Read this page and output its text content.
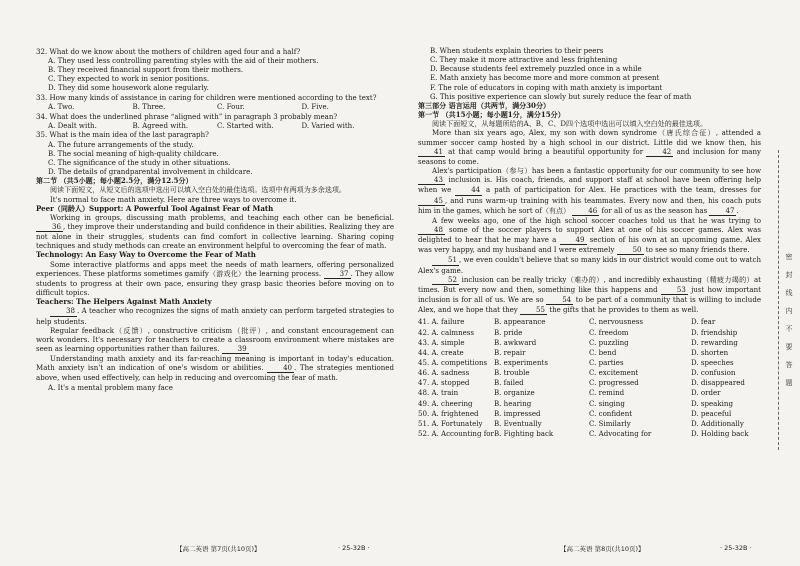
32. What do we know about the mothers of children aged four and a half?

A. They used less controlling parenting styles with the aid of their mothers.

B. They received financial support from their mothers.

C. They expected to work in senior positions.

D. They did some housework alone regularly.

33. How many kinds of assistance in caring for children were mentioned according to the text?

A. Two.	B. Three.	C. Four.	D. Five.

34. What does the underlined phrase “aligned with” in paragraph 3 probably mean?

A. Dealt with.	B. Agreed with.	C. Started with.	D. Varied with.

35. What is the main idea of the last paragraph?

A. The future arrangements of the study.

B. The social meaning of high-quality childcare.

C. The significance of the study in other situations.

D. The details of grandparental involvement in childcare.

第二节 （共5小题；每小题2.5分，满分12.5分）

阅读下面短文，从短文后的选项中选出可以填入空白处的最佳选项。选项中有两项为多余选项。

It's normal to face math anxiety. Here are three ways to overcome it.

Peer（同龄人）Support: A Powerful Tool Against Fear of Math

Working in groups, discussing math problems, and teaching each other can be beneficial. 36 , they improve their understanding and build confidence in their abilities. Realizing they are not alone in their struggles, students can find comfort in collective learning. Sharing coping techniques and study methods can create an environment helpful to overcoming the fear of math.

Technology: An Easy Way to Overcome the Fear of Math

Some interactive platforms and apps meet the needs of math learners, offering personalized experiences. These platforms sometimes gamify（游戏化）the learning process.	37 . They allow students to progress at their own pace, ensuring they grasp basic theories before moving on to difficult topics.

Teachers: The Helpers Against Math Anxiety

38 . A teacher who recognizes the signs of math anxiety can perform targeted strategies to help students.

Regular feedback（反馈）, constructive criticism（批评）, and constant encouragement can work wonders. It's necessary for teachers to create a classroom environment where mistakes are seen as learning opportunities rather than failures.	39

Understanding math anxiety and its far-reaching meaning is important in today's education. Math anxiety isn't an indication of one's wisdom or abilities.	40 . The strategies mentioned above, when used effectively, can help in reducing and overcoming the fear of math.

A. It's a mental problem many face

B. When students explain theories to their peers

C. They make it more attractive and less frightening

D. Because students feel extremely puzzled once in a while

E. Math anxiety has become more and more common at present

F. The role of educators in coping with math anxiety is important

G. This positive experience can slowly but surely reduce the fear of math

第三部分 语言运用（共两节，满分30分）

第一节 （共15小题；每小题1分，满分15分）

阅读下面短文，从每题所给的A、B、C、D四个选项中选出可以填入空白处的最佳选项。

More than six years ago, Alex, my son with down syndrome（唐氏综合征）, attended a summer soccer camp hosted by a high school in our district. Little did we know then, his 41 at that camp would bring a beautiful opportunity for	42 and inclusion for many seasons to come.

Alex's participation（参与）has been a fantastic opportunity for our community to see how 43 inclusion is. His coach, friends, and support staff at school have been offering help when we	44 a path of participation for Alex. He practices with the team, dresses for 45 , and runs warm-up training with his teammates. Every now and then, his coach puts him in the games, which he sort of（有点）	46 for all of us as the season has	47 .

A few weeks ago, one of the high school soccer coaches told us that he was trying to 48 some of the soccer players to support Alex at one of his soccer games. Alex was delighted to hear that he may have a	49 section of his own at an upcoming game. Alex was very happy, and my husband and I were extremely	50 to see so many friends there.

51 , we even couldn't believe that so many kids in our district would come out to watch Alex's game.

52 inclusion can be really tricky（难办的）, and incredibly exhausting（精疲力竭的）at times. But every now and then, something like this happens and	53 just how important inclusion is for all of us. We are so	54 to be part of a community that is willing to include Alex, and we hope that they	55 the gifts that he provides to them as well.

41. A. failure	B. appearance	C. nervousness	D. fear
42. A. calmness	B. pride	C. freedom	D. friendship
43. A. simple	B. awkward	C. puzzling	D. rewarding
44. A. create	B. repair	C. bend	D. shorten
45. A. competitions B. experiments	C. parties	D. speeches
46. A. sadness	B. trouble	C. excitement	D. confusion
47. A. stopped	B. failed	C. progressed	D. disappeared
48. A. train	B. organize	C. remind	D. order
49. A. cheering	B. hearing	C. singing	D. speaking
50. A. frightened	B. impressed	C. confident	D. peaceful
51. A. Fortunately	B. Eventually	C. Similarly	D. Additionally
52. A. Accounting for B. Fighting back	C. Advocating for	D. Holding back
密
封
线
内
不
要
答
题
【高二英语 第7页(共10页)】	· 25-32B ·	【高二英语 第8页(共10页)】	· 25-32B ·
